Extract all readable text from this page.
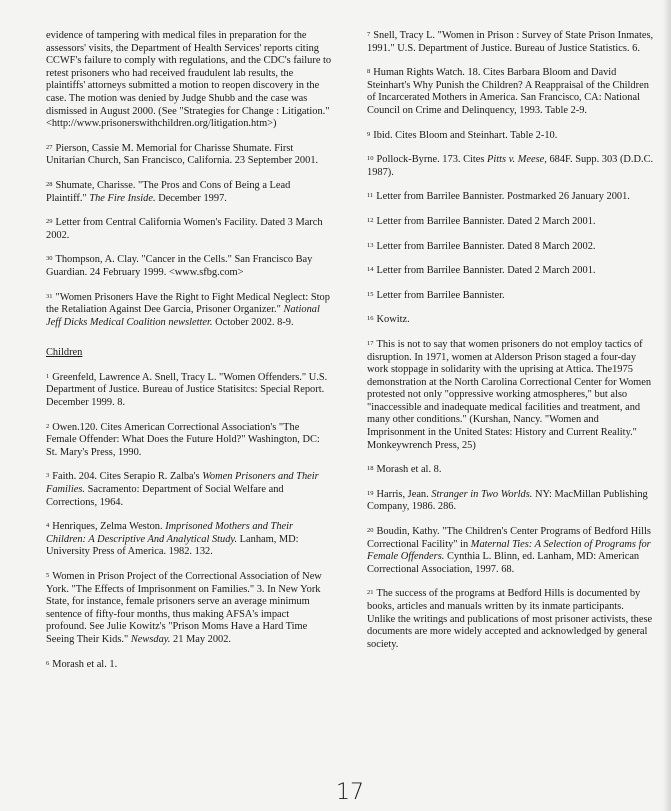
evidence of tampering with medical files in preparation for the assessors' visits, the Department of Health Services' reports citing CCWF's failure to comply with regulations, and the CDC's failure to retest prisoners who had received fraudulent lab results, the plaintiffs' attorneys submitted a motion to reopen discovery in the case. The motion was denied by Judge Shubb and the case was dismissed in August 2000. (See "Strategies for Change : Litigation." <http://www.prisonerswithchildren.org/litigation.htm>)

$^{27}$ Pierson, Cassie M. Memorial for Charisse Shumate. First Unitarian Church, San Francisco, California. 23 September 2001.

$^{28}$ Shumate, Charisse. "The Pros and Cons of Being a Lead Plaintiff." The Fire Inside. December 1997.

$^{29}$ Letter from Central California Women's Facility. Dated 3 March 2002.

$^{30}$ Thompson, A. Clay. "Cancer in the Cells." San Francisco Bay Guardian. 24 February 1999. <www.sfbg.com>

$^{31}$ "Women Prisoners Have the Right to Fight Medical Neglect: Stop the Retaliation Against Dee Garcia, Prisoner Organizer." National Jeff Dicks Medical Coalition newsletter. October 2002. 8-9.

Children

$^1$ Greenfeld, Lawrence A. Snell, Tracy L. "Women Offenders." U.S. Department of Justice. Bureau of Justice Statisitcs: Special Report. December 1999. 8.

$^2$ Owen.120. Cites American Correctional Association's "The Female Offender: What Does the Future Hold?" Washington, DC: St. Mary's Press, 1990.

$^3$ Faith. 204. Cites Serapio R. Zalba's Women Prisoners and Their Families. Sacramento: Department of Social Welfare and Corrections, 1964.

$^4$ Henriques, Zelma Weston. Imprisoned Mothers and Their Children: A Descriptive And Analytical Study. Lanham, MD: University Press of America. 1982. 132.

$^5$ Women in Prison Project of the Correctional Association of New York. "The Effects of Imprisonment on Families." 3. In New York State, for instance, female prisoners serve an average minimum sentence of fifty-four months, thus making AFSA's impact profound. See Julie Kowitz's "Prison Moms Have a Hard Time Seeing Their Kids." Newsday. 21 May 2002.

$^6$ Morash et al. 1.

$^7$ Snell, Tracy L. "Women in Prison : Survey of State Prison Inmates, 1991." U.S. Department of Justice. Bureau of Justice Statistics. 6.

$^8$ Human Rights Watch. 18. Cites Barbara Bloom and David Steinhart's Why Punish the Children? A Reappraisal of the Children of Incarcerated Mothers in America. San Francisco, CA: National Council on Crime and Delinquency, 1993. Table 2-9.

$^9$ Ibid. Cites Bloom and Steinhart. Table 2-10.

$^{10}$ Pollock-Byrne. 173. Cites Pitts v. Meese, 684F. Supp. 303 (D.D.C. 1987).

$^{11}$ Letter from Barrilee Bannister. Postmarked 26 January 2001.

$^{12}$ Letter from Barrilee Bannister. Dated 2 March 2001.

$^{13}$ Letter from Barrilee Bannister. Dated 8 March 2002.

$^{14}$ Letter from Barrilee Bannister. Dated 2 March 2001.

$^{15}$ Letter from Barrilee Bannister.

$^{16}$ Kowitz.

$^{17}$ This is not to say that women prisoners do not employ tactics of disruption. In 1971, women at Alderson Prison staged a four-day work stoppage in solidarity with the uprising at Attica. The1975 demonstration at the North Carolina Correctional Center for Women protested not only "oppressive working atmospheres," but also "inaccessible and inadequate medical facilities and treatment, and many other conditions." (Kurshan, Nancy. "Women and Imprisonment in the United States: History and Current Reality." Monkeywrench Press, 25)

$^{18}$ Morash et al. 8.

$^{19}$ Harris, Jean. Stranger in Two Worlds. NY: MacMillan Publishing Company, 1986. 286.

$^{20}$ Boudin, Kathy. "The Children's Center Programs of Bedford Hills Correctional Facility" in Maternal Ties: A Selection of Programs for Female Offenders. Cynthia L. Blinn, ed. Lanham, MD: American Correctional Association, 1997. 68.

$^{21}$ The success of the programs at Bedford Hills is documented by books, articles and manuals written by its inmate participants. Unlike the writings and publications of most prisoner activists, these documents are more widely accepted and acknowledged by general society.

17
